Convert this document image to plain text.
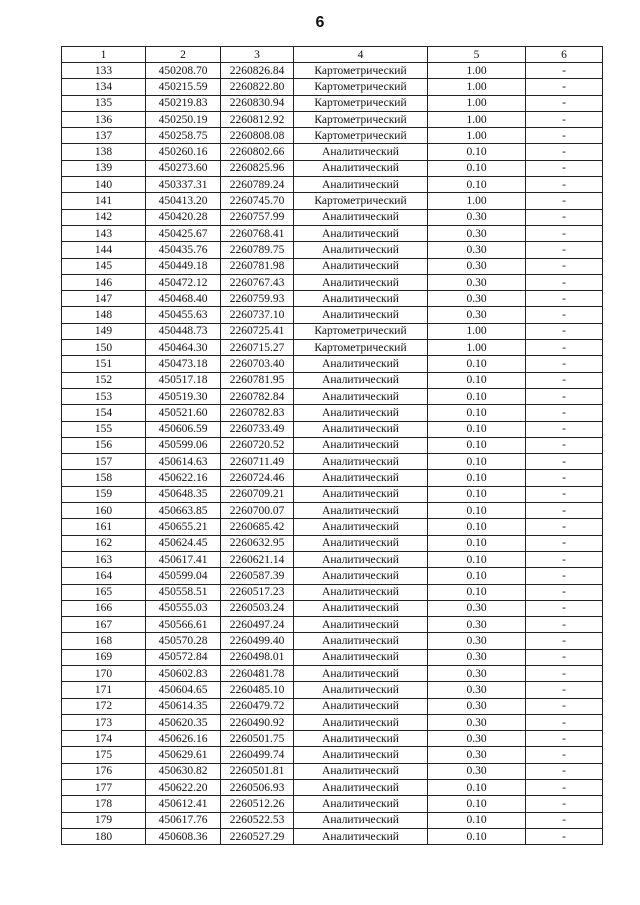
6
1	2	3	4	5	6
133	450208.70	2260826.84	Картометрический	1.00	-
134	450215.59	2260822.80	Картометрический	1.00	-
135	450219.83	2260830.94	Картометрический	1.00	-
136	450250.19	2260812.92	Картометрический	1.00	-
137	450258.75	2260808.08	Картометрический	1.00	-
138	450260.16	2260802.66	Аналитический	0.10	-
139	450273.60	2260825.96	Аналитический	0.10	-
140	450337.31	2260789.24	Аналитический	0.10	-
141	450413.20	2260745.70	Картометрический	1.00	-
142	450420.28	2260757.99	Аналитический	0.30	-
143	450425.67	2260768.41	Аналитический	0.30	-
144	450435.76	2260789.75	Аналитический	0.30	-
145	450449.18	2260781.98	Аналитический	0.30	-
146	450472.12	2260767.43	Аналитический	0.30	-
147	450468.40	2260759.93	Аналитический	0.30	-
148	450455.63	2260737.10	Аналитический	0.30	-
149	450448.73	2260725.41	Картометрический	1.00	-
150	450464.30	2260715.27	Картометрический	1.00	-
151	450473.18	2260703.40	Аналитический	0.10	-
152	450517.18	2260781.95	Аналитический	0.10	-
153	450519.30	2260782.84	Аналитический	0.10	-
154	450521.60	2260782.83	Аналитический	0.10	-
155	450606.59	2260733.49	Аналитический	0.10	-
156	450599.06	2260720.52	Аналитический	0.10	-
157	450614.63	2260711.49	Аналитический	0.10	-
158	450622.16	2260724.46	Аналитический	0.10	-
159	450648.35	2260709.21	Аналитический	0.10	-
160	450663.85	2260700.07	Аналитический	0.10	-
161	450655.21	2260685.42	Аналитический	0.10	-
162	450624.45	2260632.95	Аналитический	0.10	-
163	450617.41	2260621.14	Аналитический	0.10	-
164	450599.04	2260587.39	Аналитический	0.10	-
165	450558.51	2260517.23	Аналитический	0.10	-
166	450555.03	2260503.24	Аналитический	0.30	-
167	450566.61	2260497.24	Аналитический	0.30	-
168	450570.28	2260499.40	Аналитический	0.30	-
169	450572.84	2260498.01	Аналитический	0.30	-
170	450602.83	2260481.78	Аналитический	0.30	-
171	450604.65	2260485.10	Аналитический	0.30	-
172	450614.35	2260479.72	Аналитический	0.30	-
173	450620.35	2260490.92	Аналитический	0.30	-
174	450626.16	2260501.75	Аналитический	0.30	-
175	450629.61	2260499.74	Аналитический	0.30	-
176	450630.82	2260501.81	Аналитический	0.30	-
177	450622.20	2260506.93	Аналитический	0.10	-
178	450612.41	2260512.26	Аналитический	0.10	-
179	450617.76	2260522.53	Аналитический	0.10	-
180	450608.36	2260527.29	Аналитический	0.10	-
